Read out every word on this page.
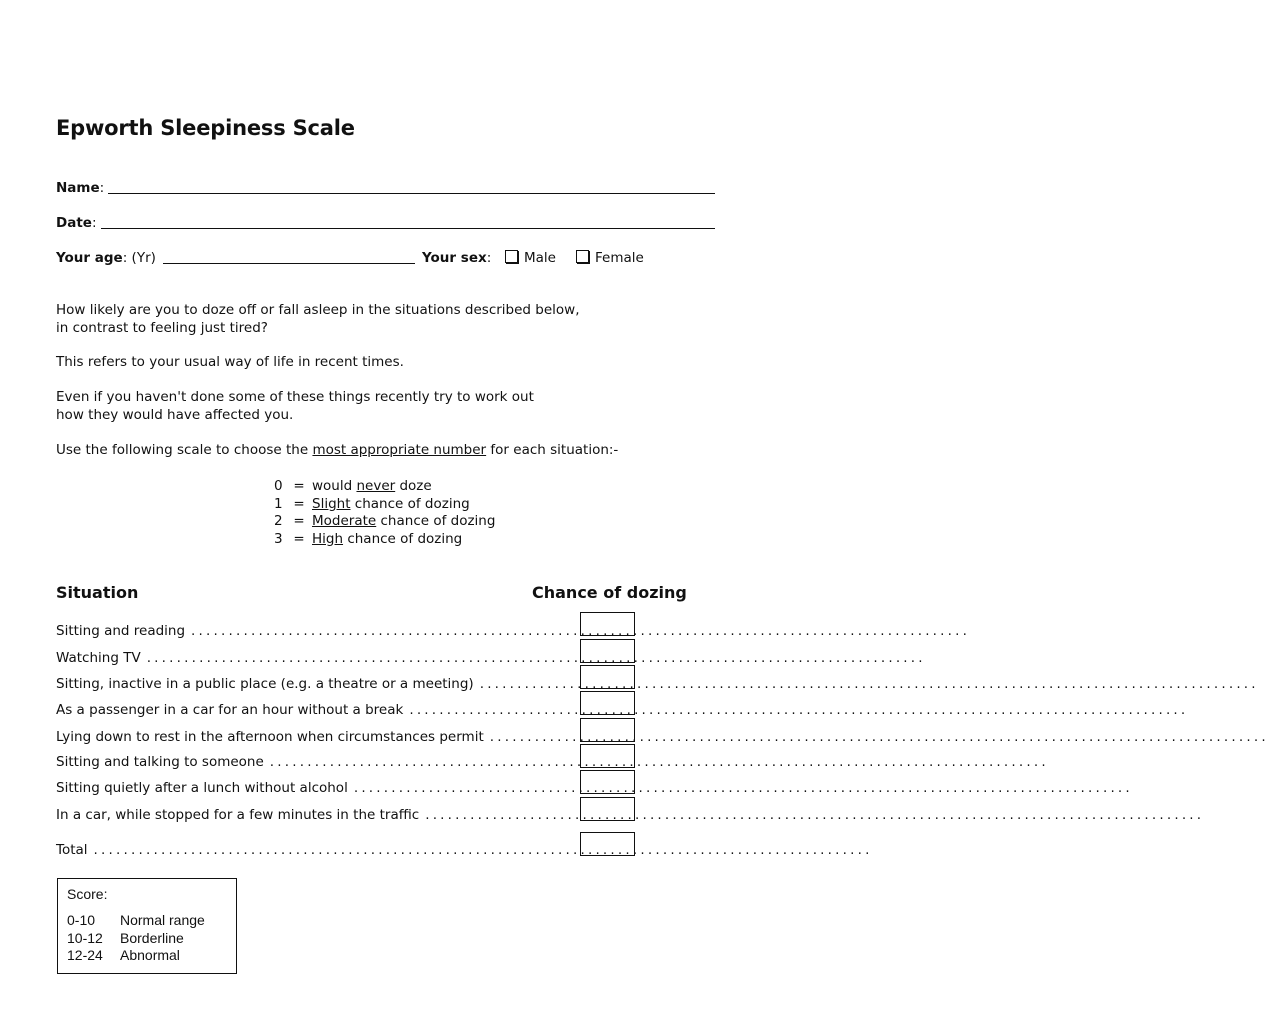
Epworth Sleepiness Scale
Name:
Date:
Your age: (Yr)	Your sex:	Male	Female
How likely are you to doze off or fall asleep in the situations described below,
in contrast to feeling just tired?
This refers to your usual way of life in recent times.
Even if you haven't done some of these things recently try to work out
how they would have affected you.
Use the following scale to choose the most appropriate number for each situation:-
0 = would never doze
1 = Slight chance of dozing
2 = Moderate chance of dozing
3 = High chance of dozing
Situation	Chance of dozing
Sitting and reading ........................................................................................................
Watching TV ........................................................................................................
Sitting, inactive in a public place (e.g. a theatre or a meeting) ........................................................................................................
As a passenger in a car for an hour without a break ........................................................................................................
Lying down to rest in the afternoon when circumstances permit ........................................................................................................
Sitting and talking to someone ........................................................................................................
Sitting quietly after a lunch without alcohol ........................................................................................................
In a car, while stopped for a few minutes in the traffic ........................................................................................................
Total ........................................................................................................
Score:
0-10 Normal range
10-12 Borderline
12-24 Abnormal
